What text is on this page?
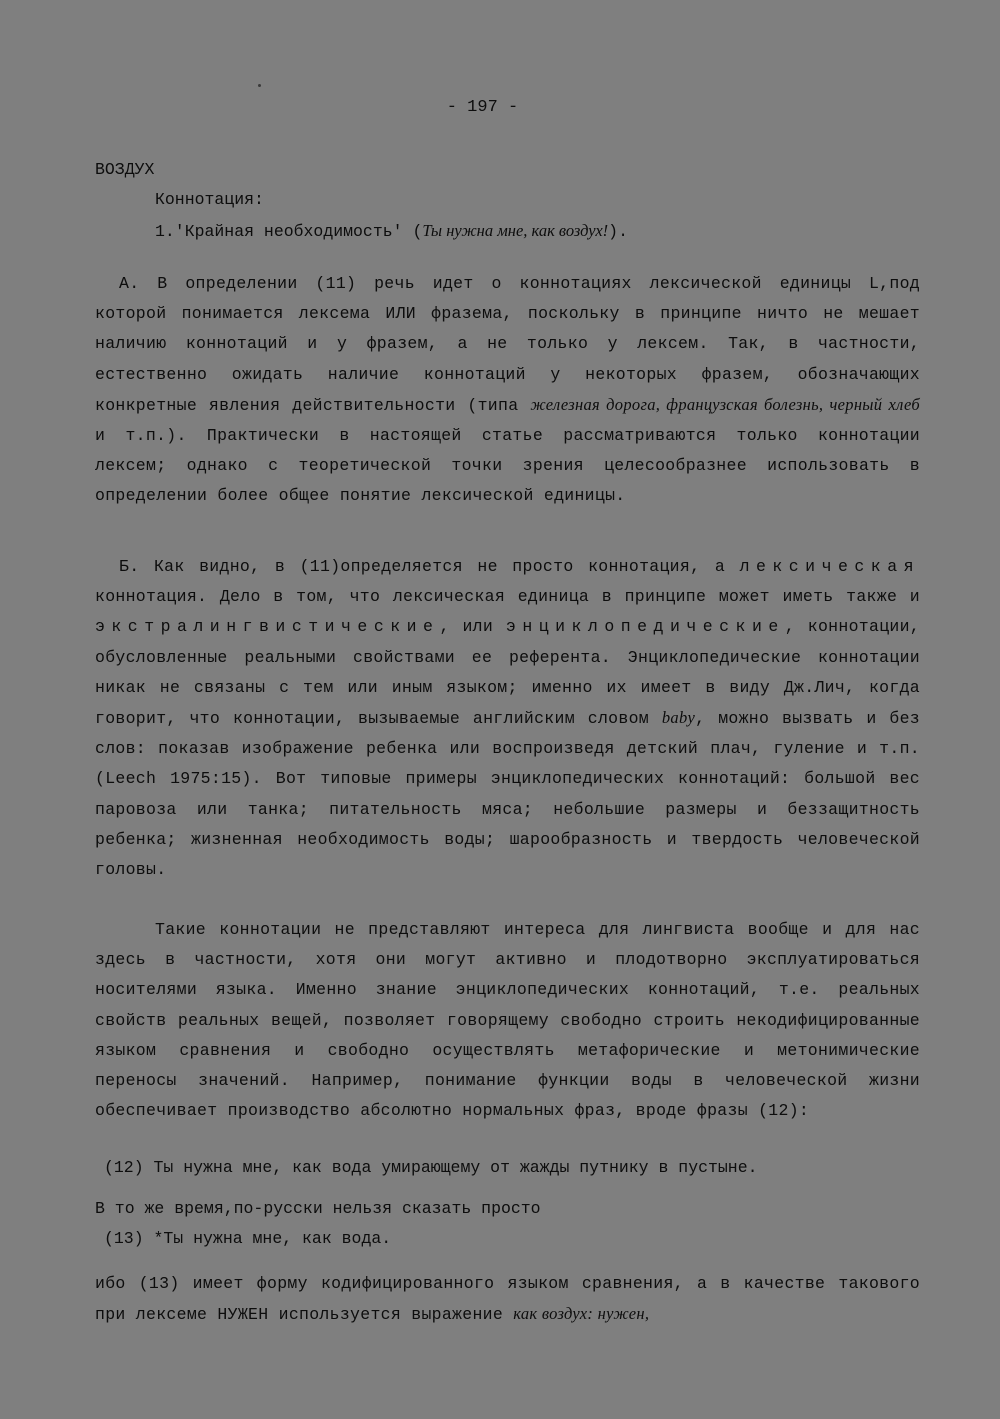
- 197 -
ВОЗДУХ
Коннотация:
1.'Крайная необходимость' (Ты нужна мне, как воздух!).

А. В определении (11) речь идет о коннотациях лексической единицы L,под которой понимается лексема ИЛИ фразема, поскольку в принципе ничто не мешает наличию коннотаций и у фразем, а не только у лексем. Так, в частности, естественно ожидать наличие коннотаций у некоторых фразем, обозначающих конкретные явления действительности (типа железная дорога, французская болезнь, черный хлеб и т.п.). Практически в настоящей статье рассматриваются только коннотации лексем; однако с теоретической точки зрения целесообразнее использовать в определении более общее понятие лексической единицы.

Б. Как видно, в (11)определяется не просто коннотация, а лексическая коннотация. Дело в том, что лексическая единица в принципе может иметь также и экстралингвистические, или энциклопедические, коннотации, обусловленные реальными свойствами ее референта. Энциклопедические коннотации никак не связаны с тем или иным языком; именно их имеет в виду Дж.Лич, когда говорит, что коннотации, вызываемые английским словом baby, можно вызвать и без слов: показав изображение ребенка или воспроизведя детский плач, гуление и т.п.(Leech 1975:15). Вот типовые примеры энциклопедических коннотаций: большой вес паровоза или танка; питательность мяса; небольшие размеры и беззащитность ребенка; жизненная необходимость воды; шарообразность и твердость человеческой головы.

Такие коннотации не представляют интереса для лингвиста вообще и для нас здесь в частности, хотя они могут активно и плодотворно эксплуатироваться носителями языка. Именно знание энциклопедических коннотаций, т.е. реальных свойств реальных вещей, позволяет говорящему свободно строить некодифицированные языком сравнения и свободно осуществлять метафорические и метонимические переносы значений. Например, понимание функции воды в человеческой жизни обеспечивает производство абсолютно нормальных фраз, вроде фразы (12):

(12) Ты нужна мне, как вода умирающему от жажды путнику в пустыне.
В то же время,по-русски нельзя сказать просто
(13) *Ты нужна мне, как вода.

ибо (13) имеет форму кодифицированного языком сравнения, а в качестве такового при лексеме НУЖЕН используется выражение как воздух: нужен,
